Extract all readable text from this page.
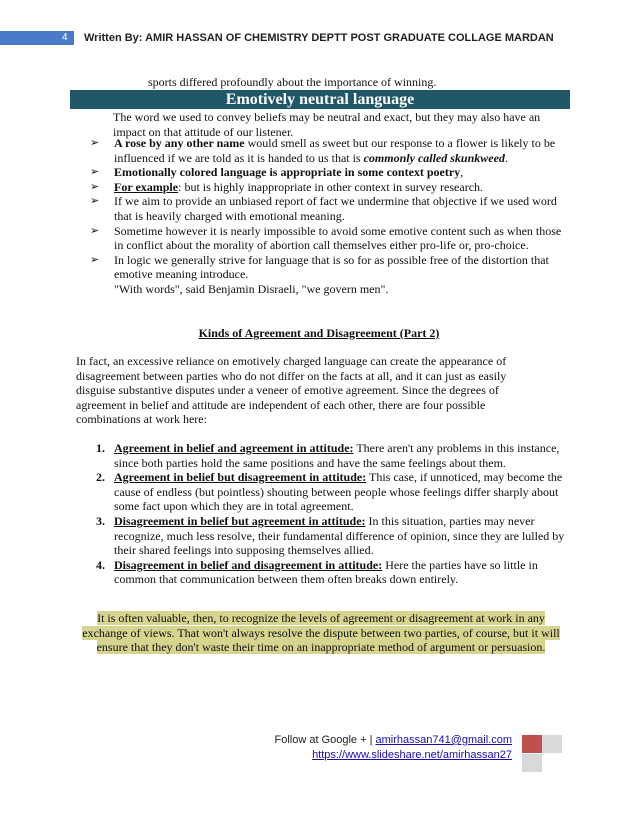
4 Written By: AMIR HASSAN OF CHEMISTRY DEPTT POST GRADUATE COLLAGE MARDAN
sports differed profoundly about the importance of winning.
Emotively neutral language
The word we used to convey beliefs may be neutral and exact, but they may also have an impact on that attitude of our listener.
➢ A rose by any other name would smell as sweet but our response to a flower is likely to be influenced if we are told as it is handed to us that is commonly called skunkweed.
➢ Emotionally colored language is appropriate in some context poetry,
➢ For example: but is highly inappropriate in other context in survey research.
➢ If we aim to provide an unbiased report of fact we undermine that objective if we used word that is heavily charged with emotional meaning.
➢ Sometime however it is nearly impossible to avoid some emotive content such as when those in conflict about the morality of abortion call themselves either pro-life or, pro-choice.
➢ In logic we generally strive for language that is so for as possible free of the distortion that emotive meaning introduce.
"With words", said Benjamin Disraeli, "we govern men".
Kinds of Agreement and Disagreement (Part 2)
In fact, an excessive reliance on emotively charged language can create the appearance of disagreement between parties who do not differ on the facts at all, and it can just as easily disguise substantive disputes under a veneer of emotive agreement. Since the degrees of agreement in belief and attitude are independent of each other, there are four possible combinations at work here:
1. Agreement in belief and agreement in attitude: There aren't any problems in this instance, since both parties hold the same positions and have the same feelings about them.
2. Agreement in belief but disagreement in attitude: This case, if unnoticed, may become the cause of endless (but pointless) shouting between people whose feelings differ sharply about some fact upon which they are in total agreement.
3. Disagreement in belief but agreement in attitude: In this situation, parties may never recognize, much less resolve, their fundamental difference of opinion, since they are lulled by their shared feelings into supposing themselves allied.
4. Disagreement in belief and disagreement in attitude: Here the parties have so little in common that communication between them often breaks down entirely.
It is often valuable, then, to recognize the levels of agreement or disagreement at work in any exchange of views. That won't always resolve the dispute between two parties, of course, but it will ensure that they don't waste their time on an inappropriate method of argument or persuasion.
Follow at Google + | amirhassan741@gmail.com
https://www.slideshare.net/amirhassan27
